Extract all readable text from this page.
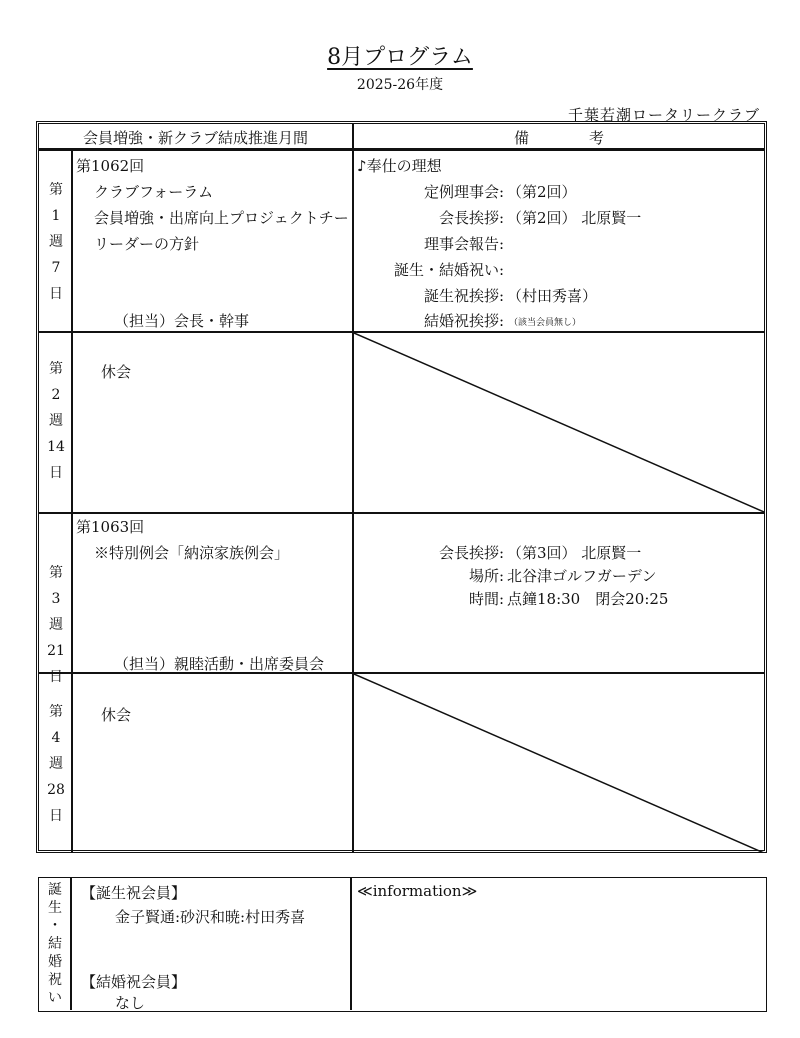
8月プログラム
2025-26年度
千葉若潮ロータリークラブ
会員増強・新クラブ結成推進月間	備　　　　考
第
1
週
7
日
第1062回
クラブフォーラム
会員増強・出席向上プロジェクトチー
リーダーの方針
（担当）会長・幹事
♪奉仕の理想
定例理事会: （第2回）
会長挨拶: （第2回） 北原賢一
理事会報告:
誕生・結婚祝い:
誕生祝挨拶: （村田秀喜）
結婚祝挨拶: （該当会員無し）
第
2
週
14
日
休会
第
3
週
21
日
第1063回
※特別例会「納涼家族例会」
（担当）親睦活動・出席委員会
会長挨拶: （第3回） 北原賢一
場所: 北谷津ゴルフガーデン
時間: 点鐘18:30　閉会20:25
第
4
週
28
日
休会
誕
生
・
結
婚
祝
い
【誕生祝会員】
金子賢通:砂沢和暁:村田秀喜
【結婚祝会員】
なし
≪information≫
